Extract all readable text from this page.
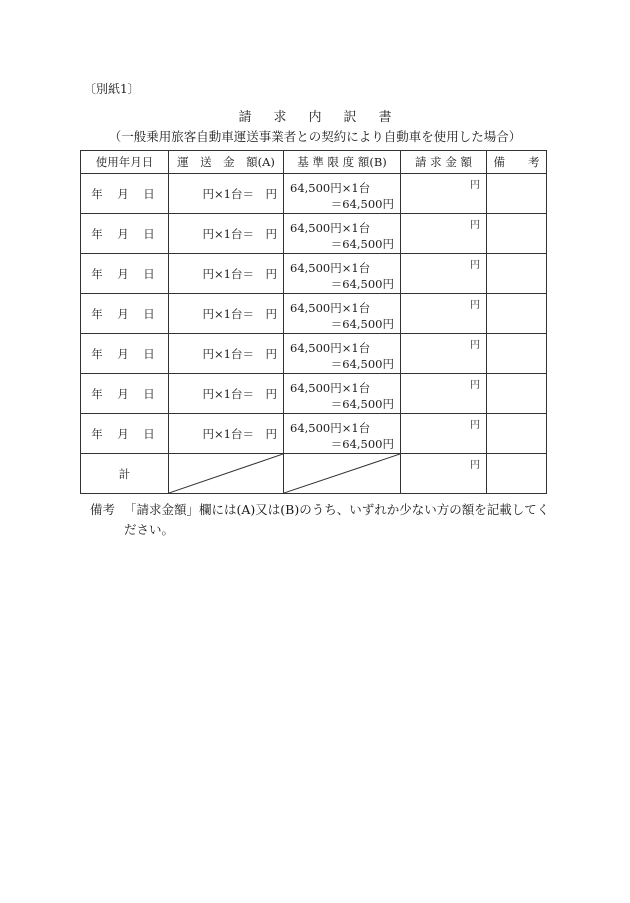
〔別紙1〕
請求内訳書
（一般乗用旅客自動車運送事業者との契約により自動車を使用した場合）
使用年月日	運　送　金　額(A)	基 準 限 度 額(B)	請 求 金 額	備　　考
年 月 日	円×1台＝　円	64,500円×1台
＝64,500円	円	

年 月 日	円×1台＝　円	64,500円×1台
＝64,500円	円	

年 月 日	円×1台＝　円	64,500円×1台
＝64,500円	円	

年 月 日	円×1台＝　円	64,500円×1台
＝64,500円	円	

年 月 日	円×1台＝　円	64,500円×1台
＝64,500円	円	

年 月 日	円×1台＝　円	64,500円×1台
＝64,500円	円	

年 月 日	円×1台＝　円	64,500円×1台
＝64,500円	円	

計			円	

備考 「請求金額」欄には(A)又は(B)のうち、いずれか少ない方の額を記載してください。
